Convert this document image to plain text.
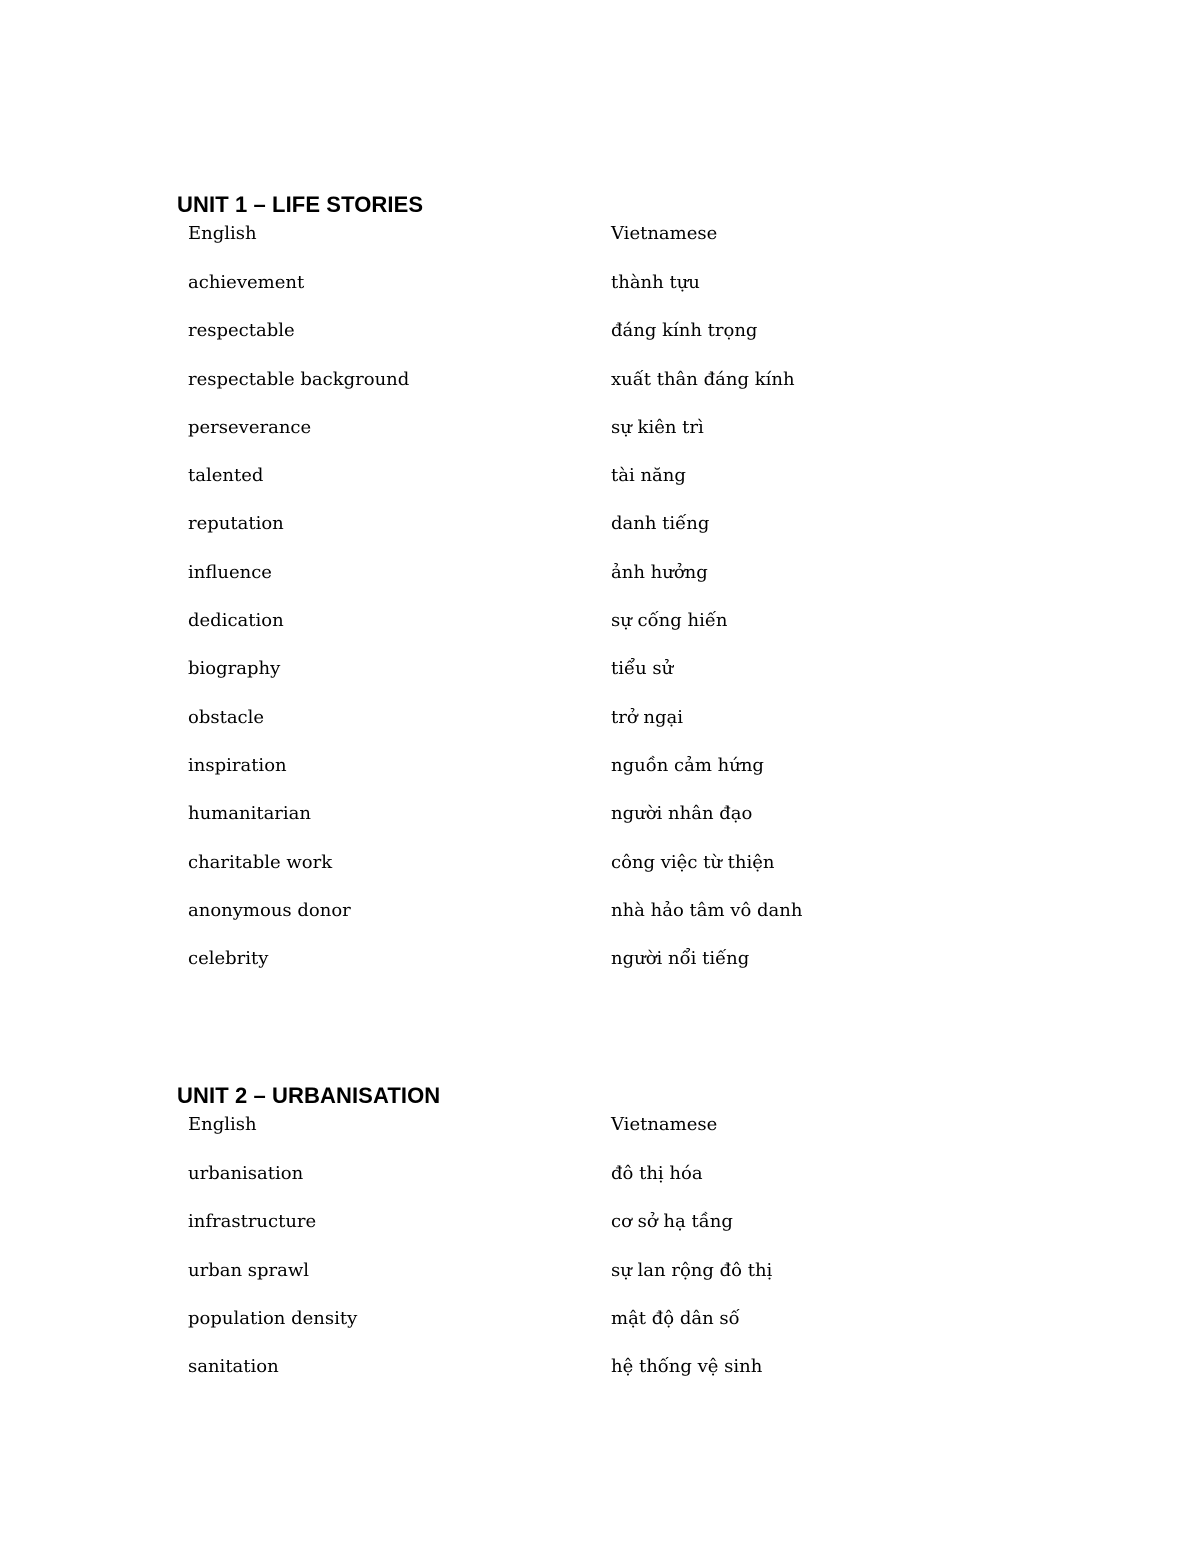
UNIT 1 – LIFE STORIES
English	Vietnamese
achievement	thành tựu
respectable	đáng kính trọng
respectable background	xuất thân đáng kính
perseverance	sự kiên trì
talented	tài năng
reputation	danh tiếng
influence	ảnh hưởng
dedication	sự cống hiến
biography	tiểu sử
obstacle	trở ngại
inspiration	nguồn cảm hứng
humanitarian	người nhân đạo
charitable work	công việc từ thiện
anonymous donor	nhà hảo tâm vô danh
celebrity	người nổi tiếng
UNIT 2 – URBANISATION
English	Vietnamese
urbanisation	đô thị hóa
infrastructure	cơ sở hạ tầng
urban sprawl	sự lan rộng đô thị
population density	mật độ dân số
sanitation	hệ thống vệ sinh
